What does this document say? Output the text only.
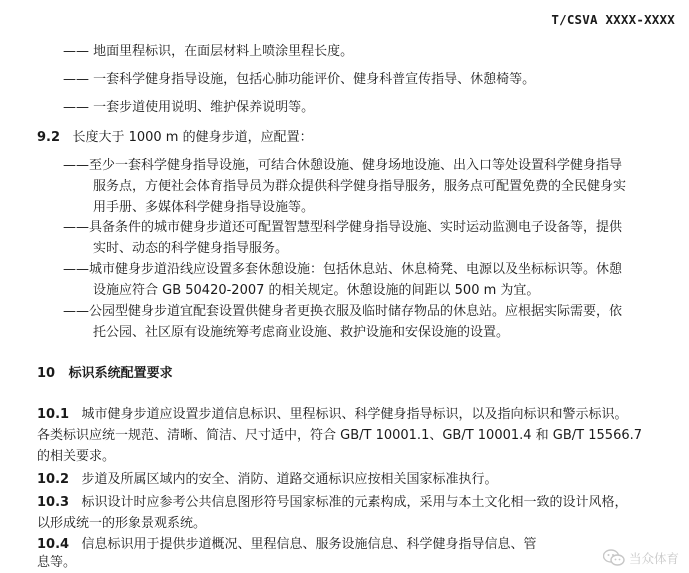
T/CSVA XXXX-XXXX
—— 地面里程标识，在面层材料上喷涂里程长度。
—— 一套科学健身指导设施，包括心肺功能评价、健身科普宣传指导、休憩椅等。
—— 一套步道使用说明、维护保养说明等。
9.2 长度大于 1000 m 的健身步道，应配置：
——至少一套科学健身指导设施，可结合休憩设施、健身场地设施、出入口等处设置科学健身指导
服务点，方便社会体育指导员为群众提供科学健身指导服务，服务点可配置免费的全民健身实
用手册、多媒体科学健身指导设施等。
——具备条件的城市健身步道还可配置智慧型科学健身指导设施、实时运动监测电子设备等，提供
实时、动态的科学健身指导服务。
——城市健身步道沿线应设置多套休憩设施：包括休息站、休息椅凳、电源以及坐标标识等。休憩
设施应符合 GB 50420-2007 的相关规定。休憩设施的间距以 500 m 为宜。
——公园型健身步道宜配套设置供健身者更换衣服及临时储存物品的休息站。应根据实际需要，依
托公园、社区原有设施统筹考虑商业设施、救护设施和安保设施的设置。
10 标识系统配置要求
10.1 城市健身步道应设置步道信息标识、里程标识、科学健身指导标识，以及指向标识和警示标识。
各类标识应统一规范、清晰、简洁、尺寸适中，符合 GB/T 10001.1、GB/T 10001.4 和 GB/T 15566.7
的相关要求。
10.2 步道及所属区域内的安全、消防、道路交通标识应按相关国家标准执行。
10.3 标识设计时应参考公共信息图形符号国家标准的元素构成，采用与本土文化相一致的设计风格，
以形成统一的形象景观系统。
10.4 信息标识用于提供步道概况、里程信息、服务设施信息、科学健身指导信息、管
息等。	当众体育
